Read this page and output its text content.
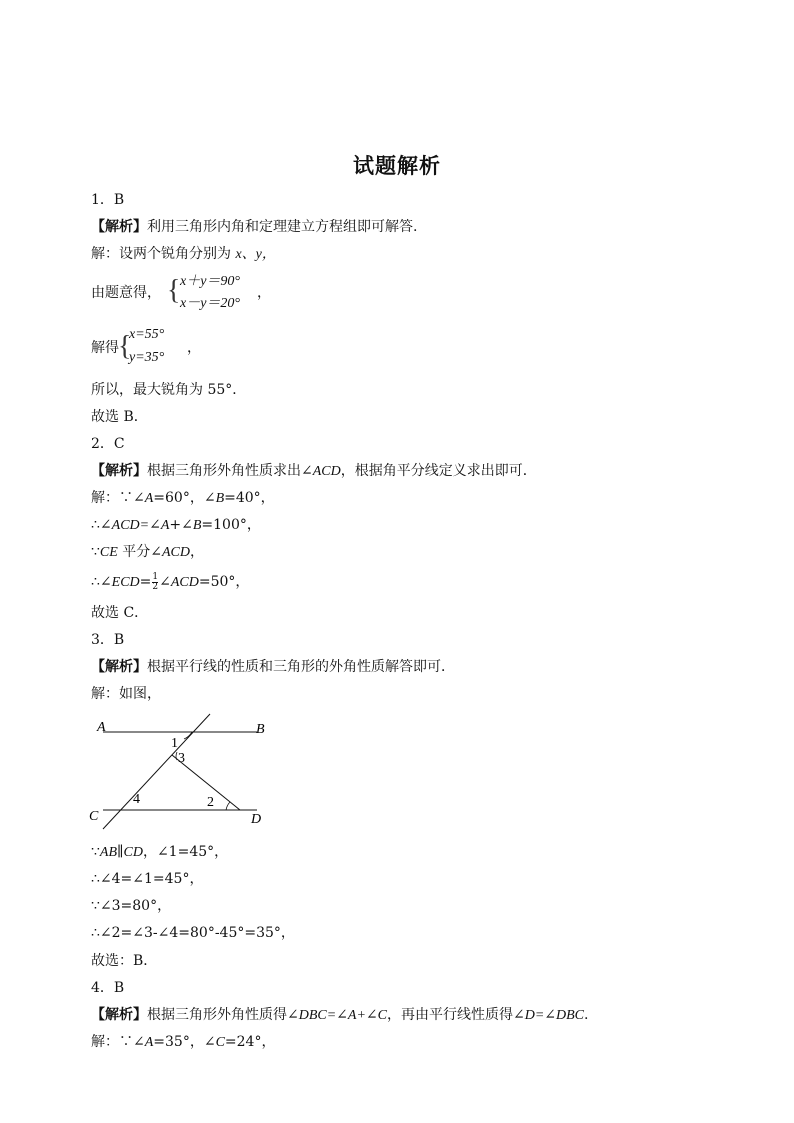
试题解析
1．B
【解析】利用三角形内角和定理建立方程组即可解答.
解：设两个锐角分别为 x、y，
由题意得， { x＋y＝90°
x－y＝20°
，
解得 {
x=55°
y=35°
，
所以，最大锐角为 55°．
故选 B．
2．C
【解析】根据三角形外角性质求出∠ACD，根据角平分线定义求出即可．
解：∵∠A=60°，∠B=40°，
∴∠ACD=∠A+∠B=100°，
∵CE 平分∠ACD，
∴∠ECD= $\frac{1}{2}$ ∠ACD=50°，
故选 C．
3．B
【解析】根据平行线的性质和三角形的外角性质解答即可．
解：如图，
A	B
C	D
1
3
4	2
∵AB∥CD，∠1=45°，
∴∠4=∠1=45°，
∵∠3=80°，
∴∠2=∠3-∠4=80°-45°=35°，
故选：B．
4．B
【解析】根据三角形外角性质得∠DBC=∠A+∠C，再由平行线性质得∠D=∠DBC.
解：∵∠A=35°，∠C=24°，
